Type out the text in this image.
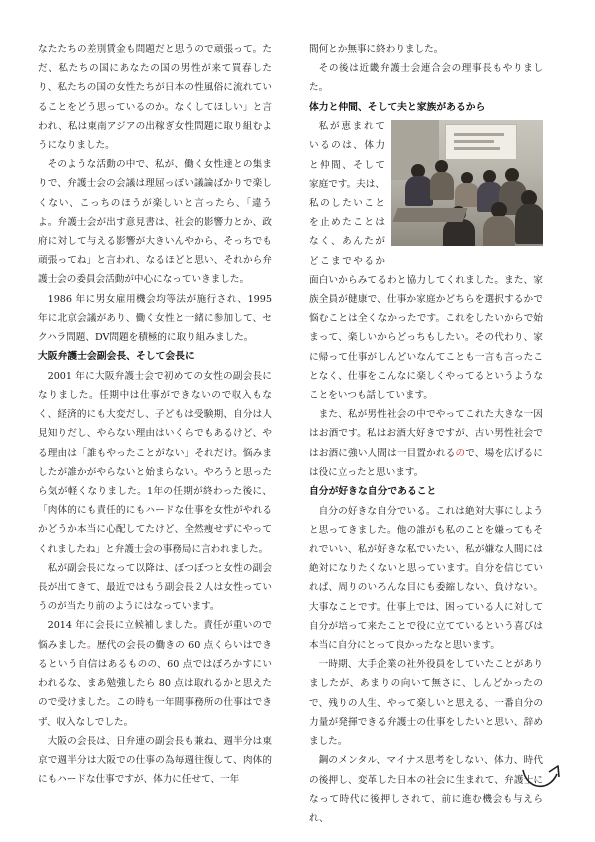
なたたちの差別賃金も問題だと思うので頑張って。ただ、私たちの国にあなたの国の男性が来て買春したり、私たちの国の女性たちが日本の性風俗に流れていることをどう思っているのか。なくしてほしい」と言われ、私は東南アジアの出稼ぎ女性問題に取り組むようになりました。

そのような活動の中で、私が、働く女性達との集まりで、弁護士会の会議は理屈っぽい議論ばかりで楽しくない、こっちのほうが楽しいと言ったら、「違うよ。弁護士会が出す意見書は、社会的影響力とか、政府に対して与える影響が大きいんやから、そっちでも頑張ってね」と言われ、なるほどと思い、それから弁護士会の委員会活動が中心になっていきました。

1986 年に男女雇用機会均等法が施行され、1995 年に北京会議があり、働く女性と一緒に参加して、セクハラ問題、DV問題を積極的に取り組みました。

大阪弁護士会副会長、そして会長に

2001 年に大阪弁護士会で初めての女性の副会長になりました。任期中は仕事ができないので収入もなく、経済的にも大変だし、子どもは受験期、自分は人見知りだし、やらない理由はいくらでもあるけど、やる理由は「誰もやったことがない」それだけ。悩みましたが誰かがやらないと始まらない。やろうと思ったら気が軽くなりました。1年の任期が終わった後に、「肉体的にも責任的にもハードな仕事を女性がやれるかどうか本当に心配してたけど、全然痩せずにやってくれましたね」と弁護士会の事務局に言われました。

私が副会長になって以降は、ぼつぼつと女性の副会長が出てきて、最近ではもう副会長２人は女性っていうのが当たり前のようにはなっています。

2014 年に会長に立候補しました。責任が重いので悩みました。歴代の会長の働きの 60 点くらいはできるという自信はあるものの、60 点ではぼろかすにいわれるな、まあ勉強したら 80 点は取れるかと思えたので受けました。この時も一年間事務所の仕事はできず、収入なしでした。

大阪の会長は、日弁連の副会長も兼ね、週半分は東京で週半分は大阪での仕事の為毎週往復して、肉体的にもハードな仕事ですが、体力に任せて、一年

間何とか無事に終わりました。

その後は近畿弁護士会連合会の理事長もやりました。

体力と仲間、そして夫と家族があるから

私が恵まれているのは、体力と仲間、そして家庭です。夫は、私のしたいことを止めたことはなく、あんたがどこまでやるか面白いからみてるわと協力してくれました。また、家族全員が健康で、仕事か家庭かどちらを選択するかで悩むことは全くなかったです。これをしたいからで始まって、楽しいからどっちもしたい。その代わり、家に帰って仕事がしんどいなんてことも一言も言ったことなく、仕事をこんなに楽しくやってるというようなことをいつも話しています。

また、私が男性社会の中でやってこれた大きな一因はお酒です。私はお酒大好きですが、古い男性社会ではお酒に強い人間は一目置かれるので、場を広げるには役に立ったと思います。

自分が好きな自分であること

自分の好きな自分でいる。これは絶対大事にしようと思ってきました。他の誰がも私のことを嫌ってもそれでいい、私が好きな私でいたい、私が嫌な人間には絶対になりたくないと思っています。自分を信じていれば、周りのいろんな目にも委縮しない、負けない。大事なことです。仕事上では、困っている人に対して自分が培って来たことで役に立てているという喜びは本当に自分にとって良かったなと思います。

一時期、大手企業の社外役員をしていたことがありましたが、あまりの向いて無さに、しんどかったので、残りの人生、やって楽しいと思える、一番自分の力量が発揮できる弁護士の仕事をしたいと思い、辞めました。

鋼のメンタル、マイナス思考をしない、体力、時代の後押し、変革した日本の社会に生まれて、弁護士になって時代に後押しされて、前に進む機会も与えられ、
